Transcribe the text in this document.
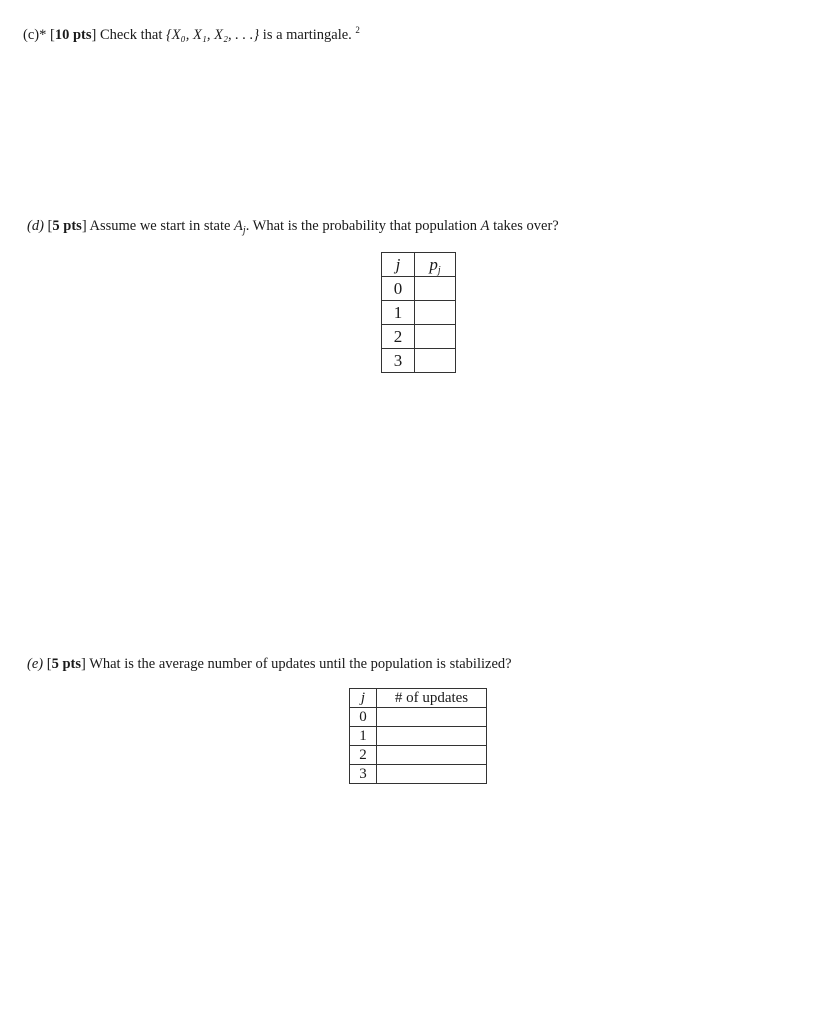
(c)* [10 pts] Check that {X₀, X₁, X₂, . . .} is a martingale. $^2$
(d) [5 pts] Assume we start in state $A_j$. What is the probability that population A takes over?
j	$p_j$
0	
1	
2	
3	
(e) [5 pts] What is the average number of updates until the population is stabilized?
j	# of updates
0	
1	
2	
3	
